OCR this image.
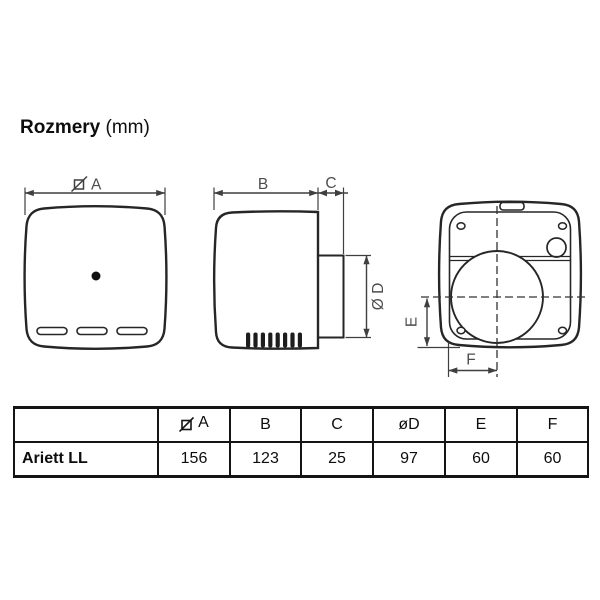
Rozmery (mm)
A	B	C
Ø D
E
F

	A	B	C	øD	E	F
Ariett LL	156	123	25	97	60	60
